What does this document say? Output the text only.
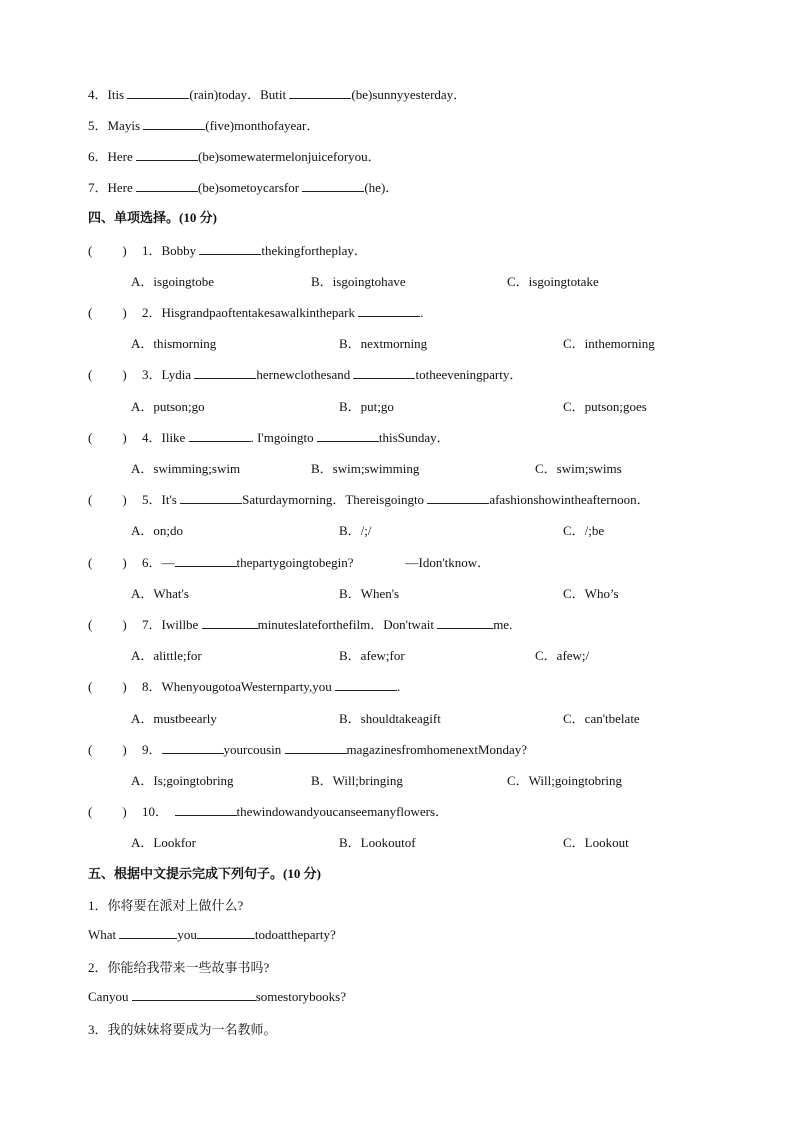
4．Itis	(rain)today．Butit	(be)sunnyyesterday．
5．Mayis	(five)monthofayear．
6．Here	(be)somewatermelonjuiceforyou．
7．Here	(be)sometoycarsfor	(he)．
四、单项选择。(10 分)
( ) 1．Bobby	thekingfortheplay．
A．isgoingtobe	B．isgoingtohave	C．isgoingtotake
( ) 2．Hisgrandpaoftentakesawalkinthepark	.
A．thismorning	B．nextmorning	C．inthemorning
( ) 3．Lydia	hernewclothesand	totheeveningparty．
A．putson;go	B．put;go	C．putson;goes
( ) 4．Ilike	. I'mgoingto	thisSunday．
A．swimming;swim	B．swim;swimming	C．swim;swims
( ) 5．It's	Saturdaymorning．Thereisgoingto	afashionshowintheafternoon．
A．on;do	B．/;/	C．/;be
( ) 6．—	thepartygoingtobegin?　　　　—Idon'tknow．
A．What's	B．When's	C．Who’s
( ) 7．Iwillbe	minuteslateforthefilm．Don'twait	me.
A．alittle;for	B．afew;for	C．afew;/
( ) 8．WhenyougotoaWesternparty,you	.
A．mustbeearly	B．shouldtakeagift	C．can'tbelate
( ) 9．	yourcousin	magazinesfromhomenextMonday?
A．Is;goingtobring	B．Will;bringing	C．Will;goingtobring
( ) 10．	thewindowandyoucanseemanyflowers．
A．Lookfor	B．Lookoutof	C．Lookout
五、根据中文提示完成下列句子。(10 分)
1．你将要在派对上做什么?
What	you	todoattheparty?
2．你能给我带来一些故事书吗?
Canyou	somestorybooks?
3．我的妹妹将要成为一名教师。
